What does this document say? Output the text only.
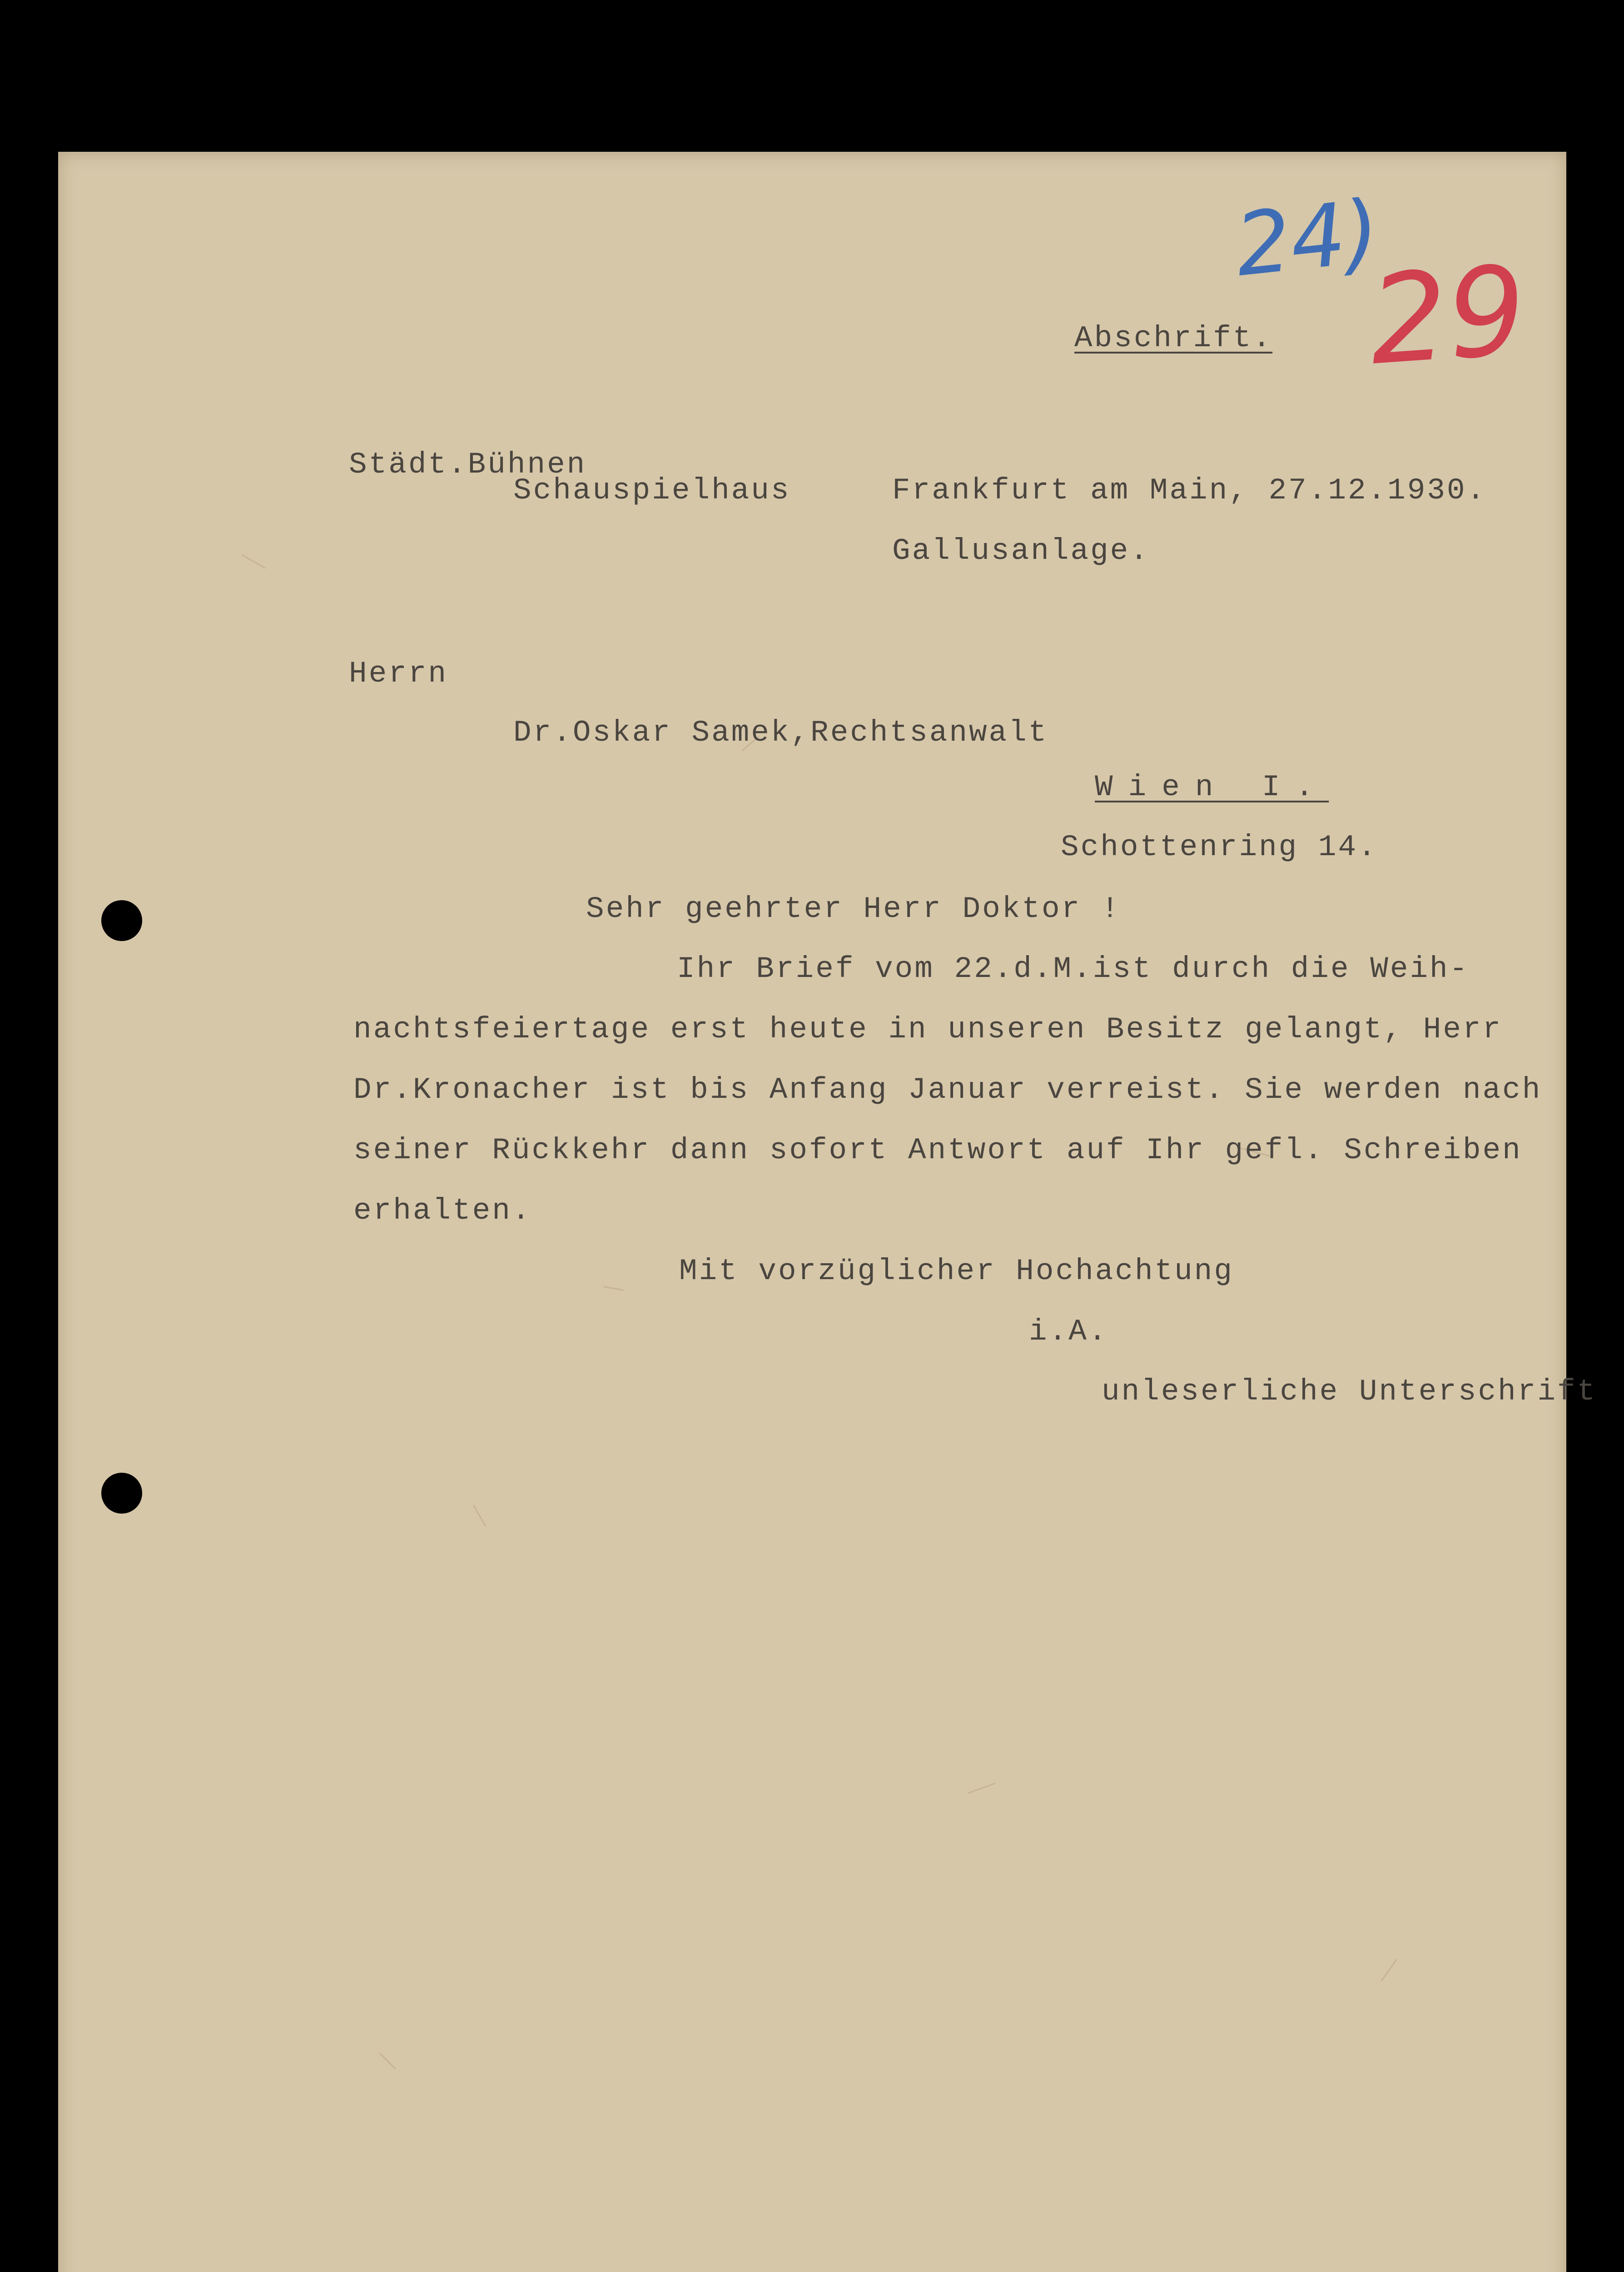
24)
29
Abschrift.
Städt.Bühnen
Schauspielhaus	Frankfurt am Main, 27.12.1930.
Gallusanlage.
Herrn
Dr.Oskar Samek,Rechtsanwalt
Wien I.
Schottenring 14.
Sehr geehrter Herr Doktor !
Ihr Brief vom 22.d.M.ist durch die Weih-
nachtsfeiertage erst heute in unseren Besitz gelangt, Herr
Dr.Kronacher ist bis Anfang Januar verreist. Sie werden nach
seiner Rückkehr dann sofort Antwort auf Ihr gefl. Schreiben
erhalten.
Mit vorzüglicher Hochachtung
i.A.
unleserliche Unterschrift
